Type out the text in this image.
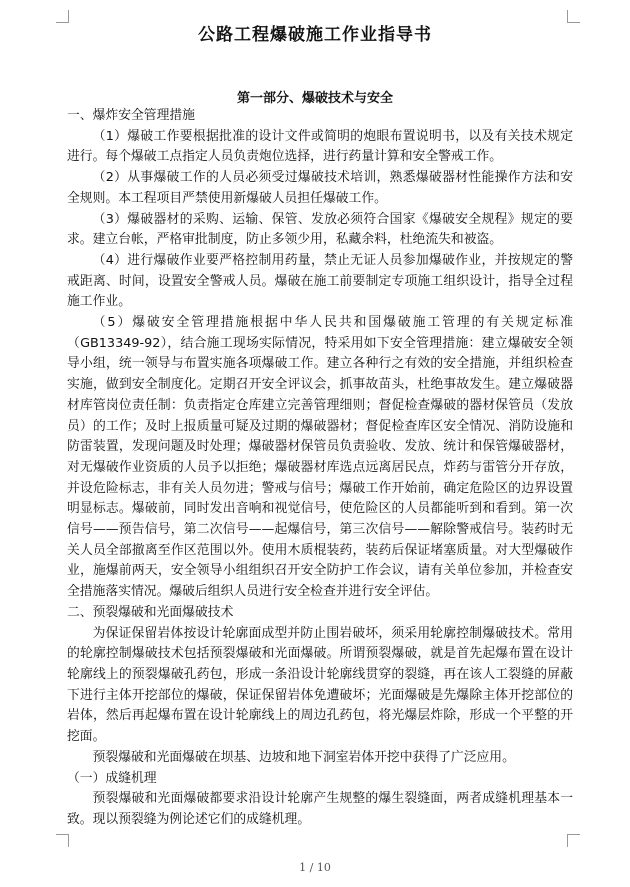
公路工程爆破施工作业指导书
第一部分、爆破技术与安全

一、爆炸安全管理措施

（1）爆破工作要根据批准的设计文件或简明的炮眼布置说明书，以及有关技术规定进行。每个爆破工点指定人员负责炮位选择，进行药量计算和安全警戒工作。

（2）从事爆破工作的人员必须受过爆破技术培训，熟悉爆破器材性能操作方法和安全规则。本工程项目严禁使用新爆破人员担任爆破工作。

（3）爆破器材的采购、运输、保管、发放必须符合国家《爆破安全规程》规定的要求。建立台帐，严格审批制度，防止多领少用，私藏余料，杜绝流失和被盗。

（4）进行爆破作业要严格控制用药量，禁止无证人员参加爆破作业，并按规定的警戒距离、时间，设置安全警戒人员。爆破在施工前要制定专项施工组织设计，指导全过程施工作业。

（5）爆破安全管理措施根据中华人民共和国爆破施工管理的有关规定标准（GB13349-92），结合施工现场实际情况，特采用如下安全管理措施：建立爆破安全领导小组，统一领导与布置实施各项爆破工作。建立各种行之有效的安全措施，并组织检查实施，做到安全制度化。定期召开安全评议会，抓事故苗头，杜绝事故发生。建立爆破器材库管岗位责任制：负责指定仓库建立完善管理细则；督促检查爆破的器材保管员（发放员）的工作；及时上报质量可疑及过期的爆破器材；督促检查库区安全情况、消防设施和防雷装置，发现问题及时处理；爆破器材保管员负责验收、发放、统计和保管爆破器材，对无爆破作业资质的人员予以拒绝；爆破器材库选点远离居民点，炸药与雷管分开存放，并设危险标志，非有关人员勿进；警戒与信号；爆破工作开始前，确定危险区的边界设置明显标志。爆破前，同时发出音响和视觉信号，使危险区的人员都能听到和看到。第一次信号——预告信号，第二次信号——起爆信号，第三次信号——解除警戒信号。装药时无关人员全部撤离至作区范围以外。使用木质棍装药，装药后保证堵塞质量。对大型爆破作业，施爆前两天，安全领导小组组织召开安全防护工作会议，请有关单位参加，并检查安全措施落实情况。爆破后组织人员进行安全检查并进行安全评估。

二、预裂爆破和光面爆破技术

为保证保留岩体按设计轮廓面成型并防止围岩破坏，须采用轮廓控制爆破技术。常用的轮廓控制爆破技术包括预裂爆破和光面爆破。所谓预裂爆破，就是首先起爆布置在设计轮廓线上的预裂爆破孔药包，形成一条沿设计轮廓线贯穿的裂缝，再在该人工裂缝的屏蔽下进行主体开挖部位的爆破，保证保留岩体免遭破坏；光面爆破是先爆除主体开挖部位的岩体，然后再起爆布置在设计轮廓线上的周边孔药包，将光爆层炸除，形成一个平整的开挖面。

预裂爆破和光面爆破在坝基、边坡和地下洞室岩体开挖中获得了广泛应用。

（一）成缝机理

预裂爆破和光面爆破都要求沿设计轮廓产生规整的爆生裂缝面，两者成缝机理基本一致。现以预裂缝为例论述它们的成缝机理。

1 / 10
